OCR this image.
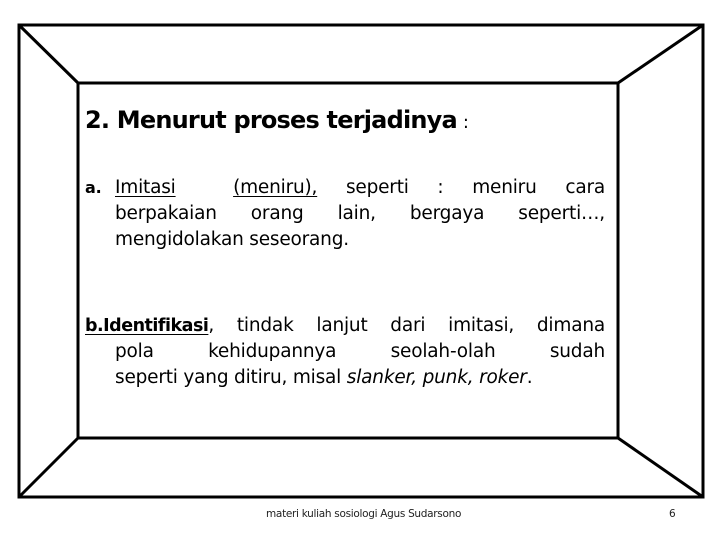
2. Menurut proses terjadinya :
a. Imitasi	(meniru), seperti : meniru cara
berpakaian orang lain, bergaya seperti…,
mengidolakan seseorang.
b.Identifikasi, tindak lanjut dari imitasi, dimana
pola kehidupannya seolah-olah sudah
seperti yang ditiru, misal slanker, punk, roker.
materi kuliah sosiologi Agus Sudarsono	6
